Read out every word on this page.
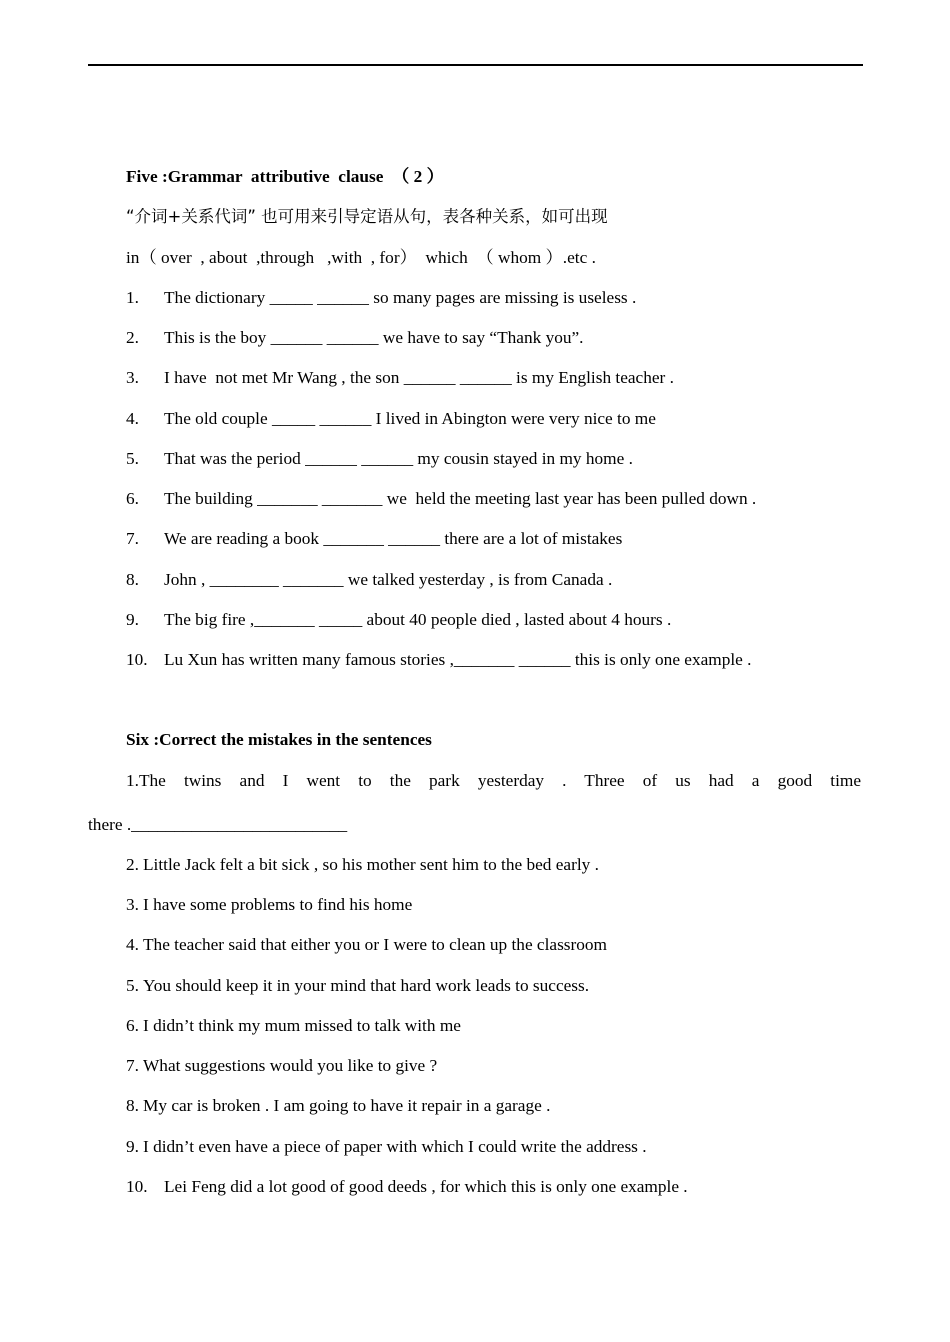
Five :Grammar  attributive  clause  （ 2 ）
“介词+关系代词” 也可用来引导定语从句，表各种关系，如可出现
in（ over  , about  ,through   ,with  , for）  which  （ whom ）.etc .
1. The dictionary _____ ______ so many pages are missing is useless .
2. This is the boy ______ ______ we have to say “Thank you”.
3. I have  not met Mr Wang , the son ______ ______ is my English teacher .
4. The old couple _____ ______ I lived in Abington were very nice to me
5. That was the period ______ ______ my cousin stayed in my home .
6. The building _______ _______ we  held the meeting last year has been pulled down .
7. We are reading a book _______ ______ there are a lot of mistakes
8. John , ________ _______ we talked yesterday , is from Canada .
9. The big fire ,_______ _____ about 40 people died , lasted about 4 hours .
10. Lu Xun has written many famous stories ,_______ ______ this is only one example .
Six :Correct the mistakes in the sentences
1.The twins and I went to the park yesterday . Three of us had a good time
there ._________________________
2. Little Jack felt a bit sick , so his mother sent him to the bed early .
3. I have some problems to find his home
4. The teacher said that either you or I were to clean up the classroom
5. You should keep it in your mind that hard work leads to success.
6. I didn’t think my mum missed to talk with me
7. What suggestions would you like to give ?
8. My car is broken . I am going to have it repair in a garage .
9. I didn’t even have a piece of paper with which I could write the address .
10. Lei Feng did a lot good of good deeds , for which this is only one example .
